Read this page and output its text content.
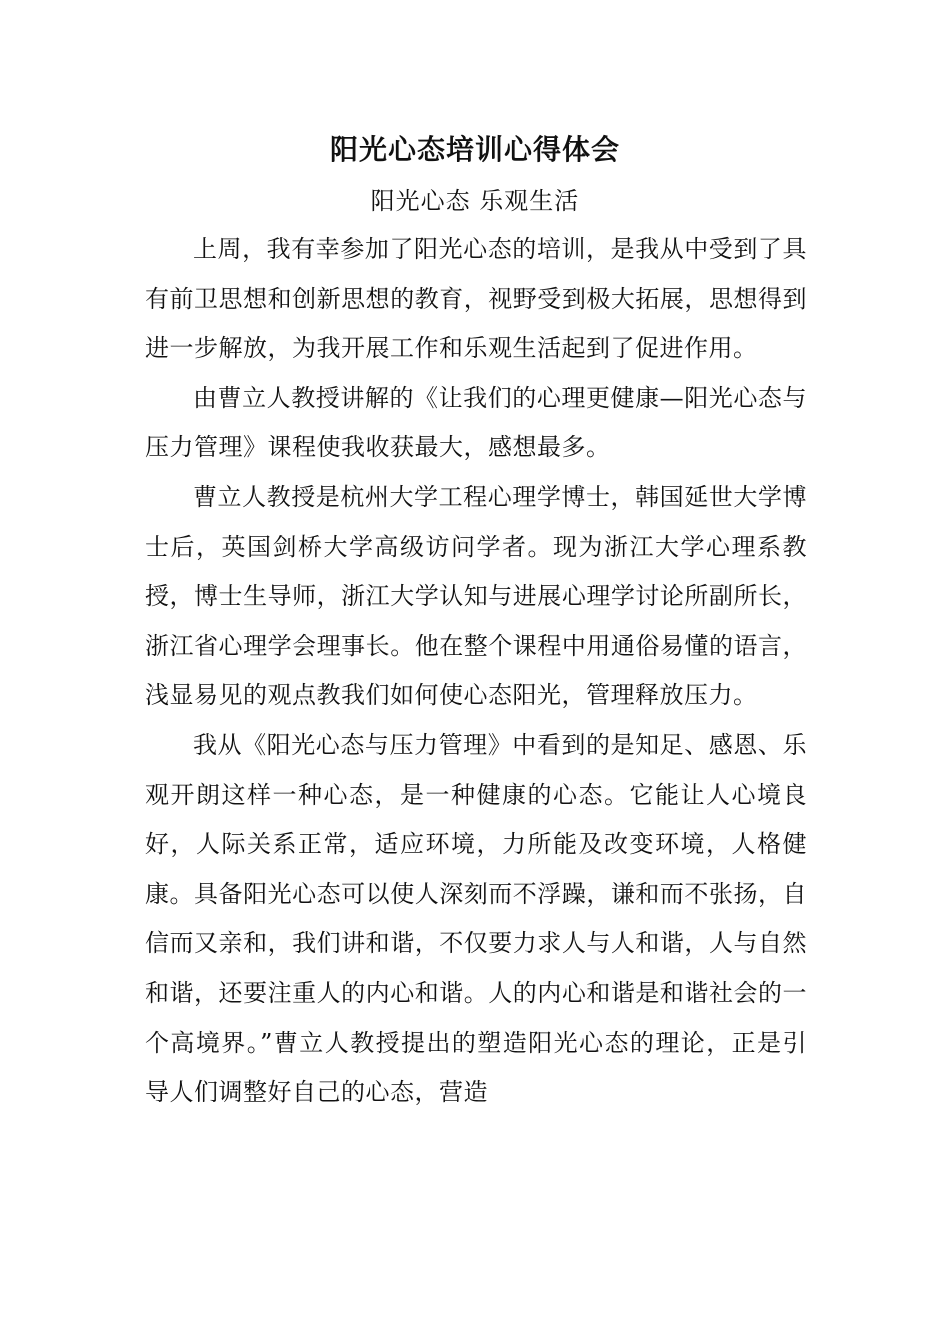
阳光心态培训心得体会
阳光心态 乐观生活

上周，我有幸参加了阳光心态的培训，是我从中受到了具有前卫思想和创新思想的教育，视野受到极大拓展，思想得到进一步解放，为我开展工作和乐观生活起到了促进作用。

由曹立人教授讲解的《让我们的心理更健康—阳光心态与压力管理》课程使我收获最大，感想最多。

曹立人教授是杭州大学工程心理学博士，韩国延世大学博士后，英国剑桥大学高级访问学者。现为浙江大学心理系教授，博士生导师，浙江大学认知与进展心理学讨论所副所长，浙江省心理学会理事长。他在整个课程中用通俗易懂的语言，浅显易见的观点教我们如何使心态阳光，管理释放压力。

我从《阳光心态与压力管理》中看到的是知足、感恩、乐观开朗这样一种心态，是一种健康的心态。它能让人心境良好，人际关系正常，适应环境，力所能及改变环境，人格健康。具备阳光心态可以使人深刻而不浮躁，谦和而不张扬，自信而又亲和，我们讲和谐，不仅要力求人与人和谐，人与自然和谐，还要注重人的内心和谐。人的内心和谐是和谐社会的一个高境界。”曹立人教授提出的塑造阳光心态的理论，正是引导人们调整好自己的心态，营造
